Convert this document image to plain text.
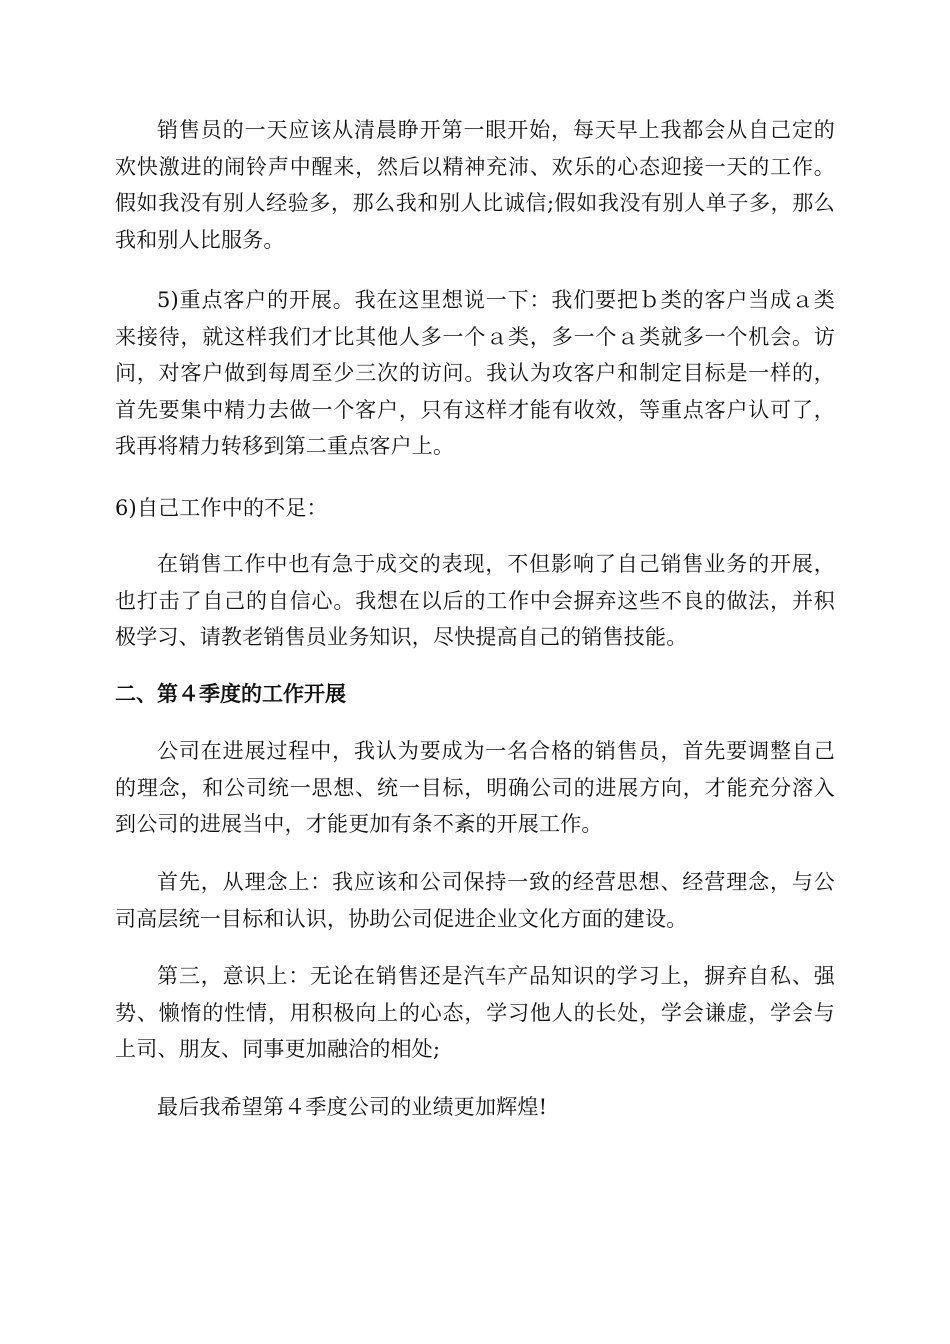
销售员的一天应该从清晨睁开第一眼开始，每天早上我都会从自己定的欢快激进的闹铃声中醒来，然后以精神充沛、欢乐的心态迎接一天的工作。假如我没有别人经验多，那么我和别人比诚信;假如我没有别人单子多，那么我和别人比服务。

5)重点客户的开展。我在这里想说一下：我们要把ｂ类的客户当成ａ类来接待，就这样我们才比其他人多一个ａ类，多一个ａ类就多一个机会。访问，对客户做到每周至少三次的访问。我认为攻客户和制定目标是一样的，首先要集中精力去做一个客户，只有这样才能有收效，等重点客户认可了，我再将精力转移到第二重点客户上。

6)自己工作中的不足：

在销售工作中也有急于成交的表现，不但影响了自己销售业务的开展，也打击了自己的自信心。我想在以后的工作中会摒弃这些不良的做法，并积极学习、请教老销售员业务知识，尽快提高自己的销售技能。

二、第４季度的工作开展

公司在进展过程中，我认为要成为一名合格的销售员，首先要调整自己的理念，和公司统一思想、统一目标，明确公司的进展方向，才能充分溶入到公司的进展当中，才能更加有条不紊的开展工作。

首先，从理念上：我应该和公司保持一致的经营思想、经营理念，与公司高层统一目标和认识，协助公司促进企业文化方面的建设。

第三，意识上：无论在销售还是汽车产品知识的学习上，摒弃自私、强势、懒惰的性情，用积极向上的心态，学习他人的长处，学会谦虚，学会与上司、朋友、同事更加融洽的相处;

最后我希望第４季度公司的业绩更加辉煌!
